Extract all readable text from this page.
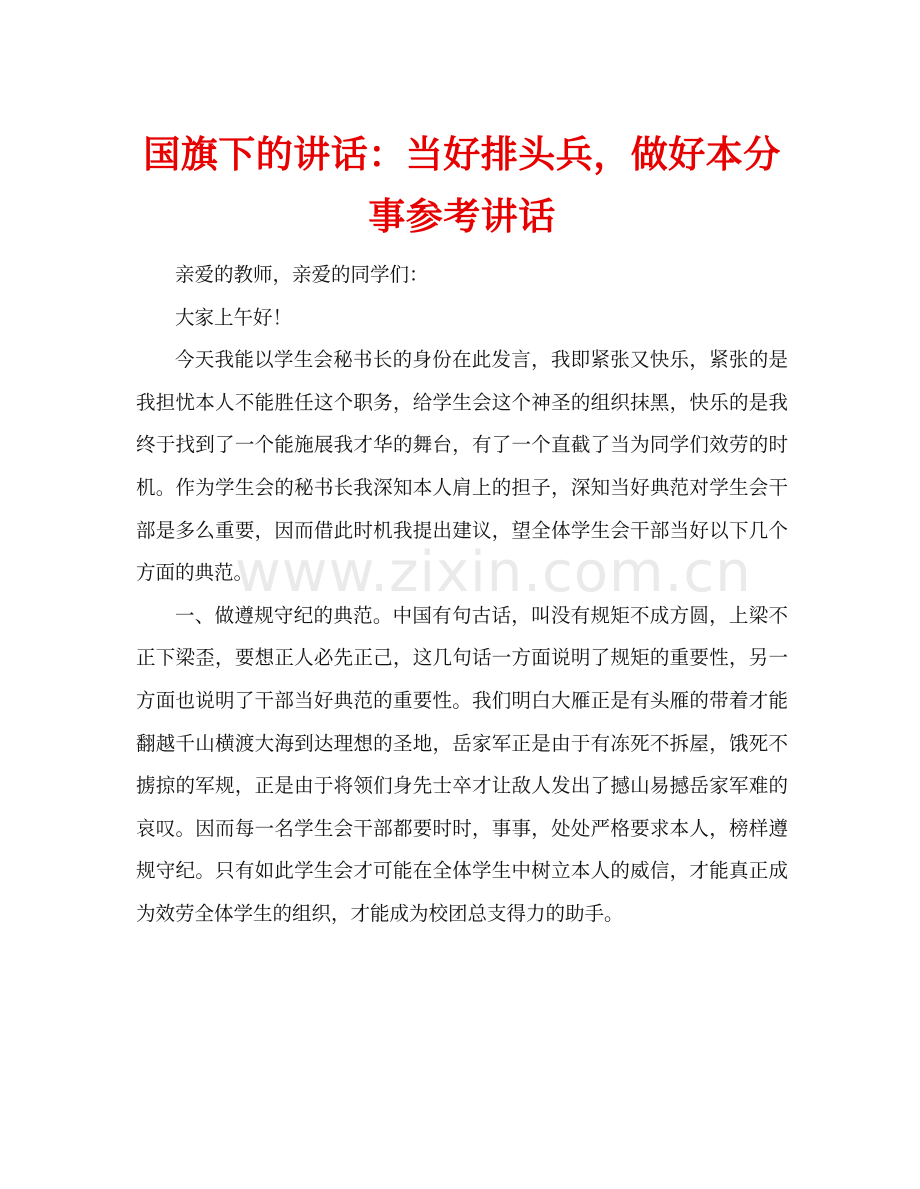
国旗下的讲话：当好排头兵，做好本分事参考讲话

亲爱的教师，亲爱的同学们：

大家上午好！

今天我能以学生会秘书长的身份在此发言，我即紧张又快乐，紧张的是我担忧本人不能胜任这个职务，给学生会这个神圣的组织抹黑，快乐的是我终于找到了一个能施展我才华的舞台，有了一个直截了当为同学们效劳的时机。作为学生会的秘书长我深知本人肩上的担子，深知当好典范对学生会干部是多么重要，因而借此时机我提出建议，望全体学生会干部当好以下几个方面的典范。

一、做遵规守纪的典范。中国有句古话，叫没有规矩不成方圆，上梁不正下梁歪，要想正人必先正己，这几句话一方面说明了规矩的重要性，另一方面也说明了干部当好典范的重要性。我们明白大雁正是有头雁的带着才能翻越千山横渡大海到达理想的圣地，岳家军正是由于有冻死不拆屋，饿死不掳掠的军规，正是由于将领们身先士卒才让敌人发出了撼山易撼岳家军难的哀叹。因而每一名学生会干部都要时时，事事，处处严格要求本人，榜样遵规守纪。只有如此学生会才可能在全体学生中树立本人的威信，才能真正成为效劳全体学生的组织，才能成为校团总支得力的助手。

www.zixin.com.cn
